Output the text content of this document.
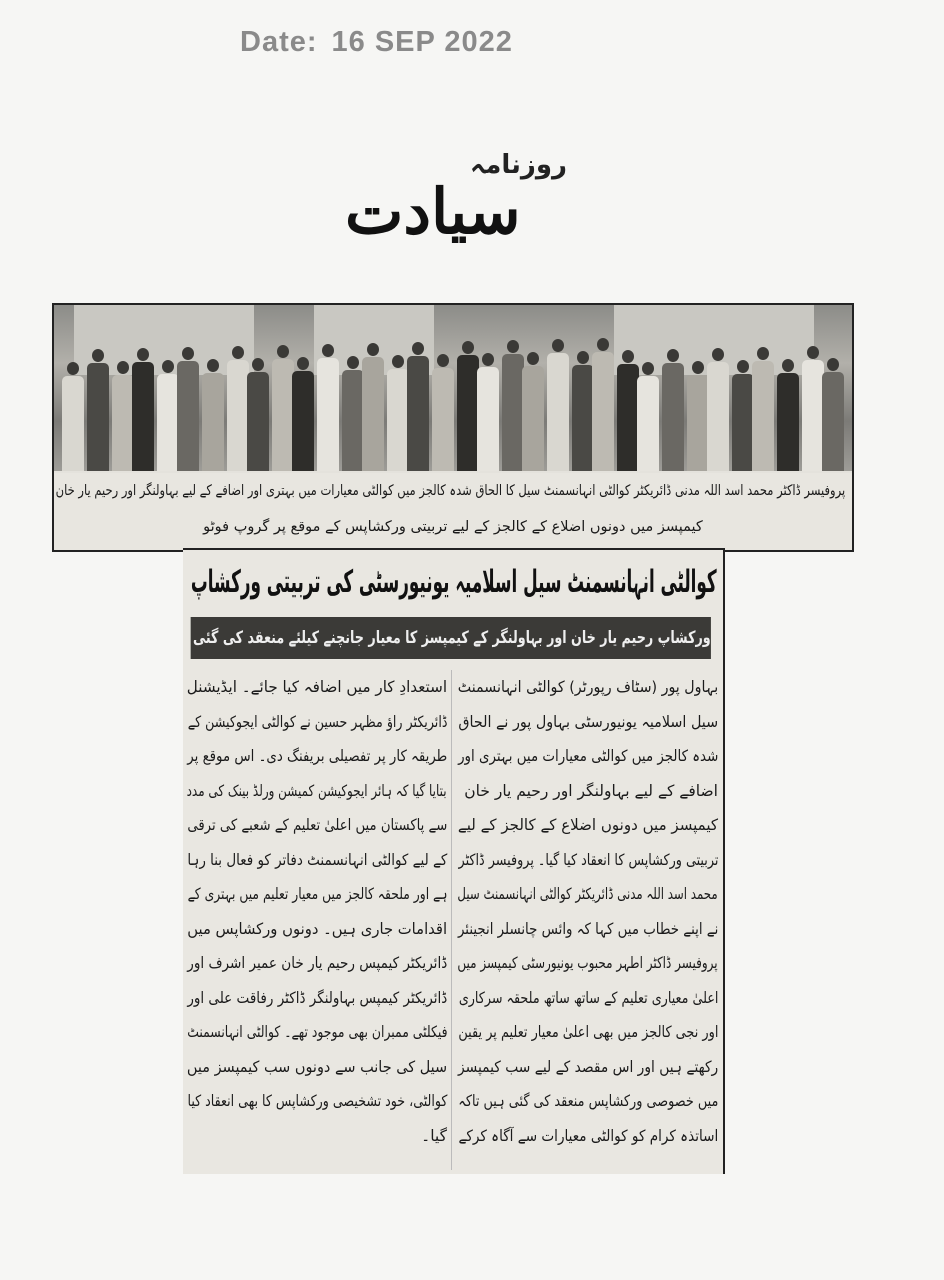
Date: 16 SEP 2022
روزنامہ
سیادت
پروفیسر ڈاکٹر محمد اسد اللہ مدنی ڈائریکٹر کوالٹی انہانسمنٹ سیل کا الحاق شدہ کالجز میں کوالٹی معیارات میں بہتری اور اضافے کے لیے بہاولنگر اور رحیم یار خان
کیمپسز میں دونوں اضلاع کے کالجز کے لیے تربیتی ورکشاپس کے موقع پر گروپ فوٹو
کوالٹی انہانسمنٹ سیل اسلامیہ یونیورسٹی کی تربیتی ورکشاپ
ورکشاپ رحیم یار خان اور بہاولنگر کے کیمپسز کا معیار جانچنے کیلئے منعقد کی گئی
بہاول پور (سٹاف رپورٹر) کوالٹی انہانسمنٹ
سیل اسلامیہ یونیورسٹی بہاول پور نے الحاق
شدہ کالجز میں کوالٹی معیارات میں بہتری اور
اضافے کے لیے بہاولنگر اور رحیم یار خان
کیمپسز میں دونوں اضلاع کے کالجز کے لیے
تربیتی ورکشاپس کا انعقاد کیا گیا۔ پروفیسر ڈاکٹر
محمد اسد اللہ مدنی ڈائریکٹر کوالٹی انہانسمنٹ سیل
نے اپنے خطاب میں کہا کہ وائس چانسلر انجینئر
پروفیسر ڈاکٹر اطہر محبوب یونیورسٹی کیمپسز میں
اعلیٰ معیاری تعلیم کے ساتھ ساتھ ملحقہ سرکاری
اور نجی کالجز میں بھی اعلیٰ معیار تعلیم پر یقین
رکھتے ہیں اور اس مقصد کے لیے سب کیمپسز
میں خصوصی ورکشاپس منعقد کی گئی ہیں تاکہ
اساتذہ کرام کو کوالٹی معیارات سے آگاہ کرکے
استعدادِ کار میں اضافہ کیا جائے۔ ایڈیشنل
ڈائریکٹر راؤ مظہر حسین نے کوالٹی ایجوکیشن کے
طریقہ کار پر تفصیلی بریفنگ دی۔ اس موقع پر
بتایا گیا کہ ہائر ایجوکیشن کمیشن ورلڈ بینک کی مدد
سے پاکستان میں اعلیٰ تعلیم کے شعبے کی ترقی
کے لیے کوالٹی انہانسمنٹ دفاتر کو فعال بنا رہا
ہے اور ملحقہ کالجز میں معیار تعلیم میں بہتری کے
اقدامات جاری ہیں۔ دونوں ورکشاپس میں
ڈائریکٹر کیمپس رحیم یار خان عمیر اشرف اور
ڈائریکٹر کیمپس بہاولنگر ڈاکٹر رفاقت علی اور
فیکلٹی ممبران بھی موجود تھے۔ کوالٹی انہانسمنٹ
سیل کی جانب سے دونوں سب کیمپسز میں
کوالٹی، خود تشخیصی ورکشاپس کا بھی انعقاد کیا
گیا۔
